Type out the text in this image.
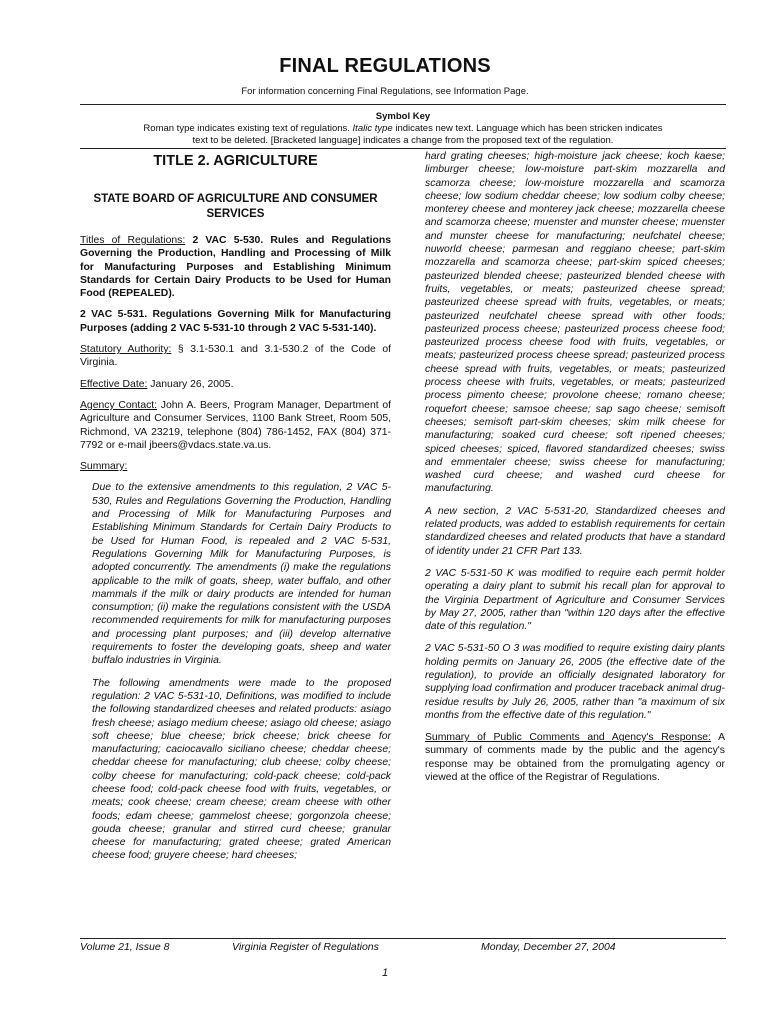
FINAL REGULATIONS
For information concerning Final Regulations, see Information Page.
Symbol Key
Roman type indicates existing text of regulations. Italic type indicates new text. Language which has been stricken indicates
text to be deleted. [Bracketed language] indicates a change from the proposed text of the regulation.
TITLE 2. AGRICULTURE
STATE BOARD OF AGRICULTURE AND CONSUMER SERVICES

Titles of Regulations: 2 VAC 5-530. Rules and Regulations Governing the Production, Handling and Processing of Milk for Manufacturing Purposes and Establishing Minimum Standards for Certain Dairy Products to be Used for Human Food (REPEALED).

2 VAC 5-531. Regulations Governing Milk for Manufacturing Purposes (adding 2 VAC 5-531-10 through 2 VAC 5-531-140).

Statutory Authority: § 3.1-530.1 and 3.1-530.2 of the Code of Virginia.

Effective Date: January 26, 2005.

Agency Contact: John A. Beers, Program Manager, Department of Agriculture and Consumer Services, 1100 Bank Street, Room 505, Richmond, VA 23219, telephone (804) 786-1452, FAX (804) 371-7792 or e-mail jbeers@vdacs.state.va.us.

Summary:

Due to the extensive amendments to this regulation, 2 VAC 5-530, Rules and Regulations Governing the Production, Handling and Processing of Milk for Manufacturing Purposes and Establishing Minimum Standards for Certain Dairy Products to be Used for Human Food, is repealed and 2 VAC 5-531, Regulations Governing Milk for Manufacturing Purposes, is adopted concurrently. The amendments (i) make the regulations applicable to the milk of goats, sheep, water buffalo, and other mammals if the milk or dairy products are intended for human consumption; (ii) make the regulations consistent with the USDA recommended requirements for milk for manufacturing purposes and processing plant purposes; and (iii) develop alternative requirements to foster the developing goats, sheep and water buffalo industries in Virginia.

The following amendments were made to the proposed regulation: 2 VAC 5-531-10, Definitions, was modified to include the following standardized cheeses and related products: asiago fresh cheese; asiago medium cheese; asiago old cheese; asiago soft cheese; blue cheese; brick cheese; brick cheese for manufacturing; caciocavallo siciliano cheese; cheddar cheese; cheddar cheese for manufacturing; club cheese; colby cheese; colby cheese for manufacturing; cold-pack cheese; cold-pack cheese food; cold-pack cheese food with fruits, vegetables, or meats; cook cheese; cream cheese; cream cheese with other foods; edam cheese; gammelost cheese; gorgonzola cheese; gouda cheese; granular and stirred curd cheese; granular cheese for manufacturing; grated cheese; grated American cheese food; gruyere cheese; hard cheeses;

hard grating cheeses; high-moisture jack cheese; koch kaese; limburger cheese; low-moisture part-skim mozzarella and scamorza cheese; low-moisture mozzarella and scamorza cheese; low sodium cheddar cheese; low sodium colby cheese; monterey cheese and monterey jack cheese; mozzarella cheese and scamorza cheese; muenster and munster cheese; muenster and munster cheese for manufacturing; neufchatel cheese; nuworld cheese; parmesan and reggiano cheese; part-skim mozzarella and scamorza cheese; part-skim spiced cheeses; pasteurized blended cheese; pasteurized blended cheese with fruits, vegetables, or meats; pasteurized cheese spread; pasteurized cheese spread with fruits, vegetables, or meats; pasteurized neufchatel cheese spread with other foods; pasteurized process cheese; pasteurized process cheese food; pasteurized process cheese food with fruits, vegetables, or meats; pasteurized process cheese spread; pasteurized process cheese spread with fruits, vegetables, or meats; pasteurized process cheese with fruits, vegetables, or meats; pasteurized process pimento cheese; provolone cheese; romano cheese; roquefort cheese; samsoe cheese; sap sago cheese; semisoft cheeses; semisoft part-skim cheeses; skim milk cheese for manufacturing; soaked curd cheese; soft ripened cheeses; spiced cheeses; spiced, flavored standardized cheeses; swiss and emmentaler cheese; swiss cheese for manufacturing; washed curd cheese; and washed curd cheese for manufacturing.

A new section, 2 VAC 5-531-20, Standardized cheeses and related products, was added to establish requirements for certain standardized cheeses and related products that have a standard of identity under 21 CFR Part 133.

2 VAC 5-531-50 K was modified to require each permit holder operating a dairy plant to submit his recall plan for approval to the Virginia Department of Agriculture and Consumer Services by May 27, 2005, rather than "within 120 days after the effective date of this regulation."

2 VAC 5-531-50 O 3 was modified to require existing dairy plants holding permits on January 26, 2005 (the effective date of the regulation), to provide an officially designated laboratory for supplying load confirmation and producer traceback animal drug-residue results by July 26, 2005, rather than "a maximum of six months from the effective date of this regulation."

Summary of Public Comments and Agency's Response: A summary of comments made by the public and the agency's response may be obtained from the promulgating agency or viewed at the office of the Registrar of Regulations.

Volume 21, Issue 8	Virginia Register of Regulations	Monday, December 27, 2004
1
